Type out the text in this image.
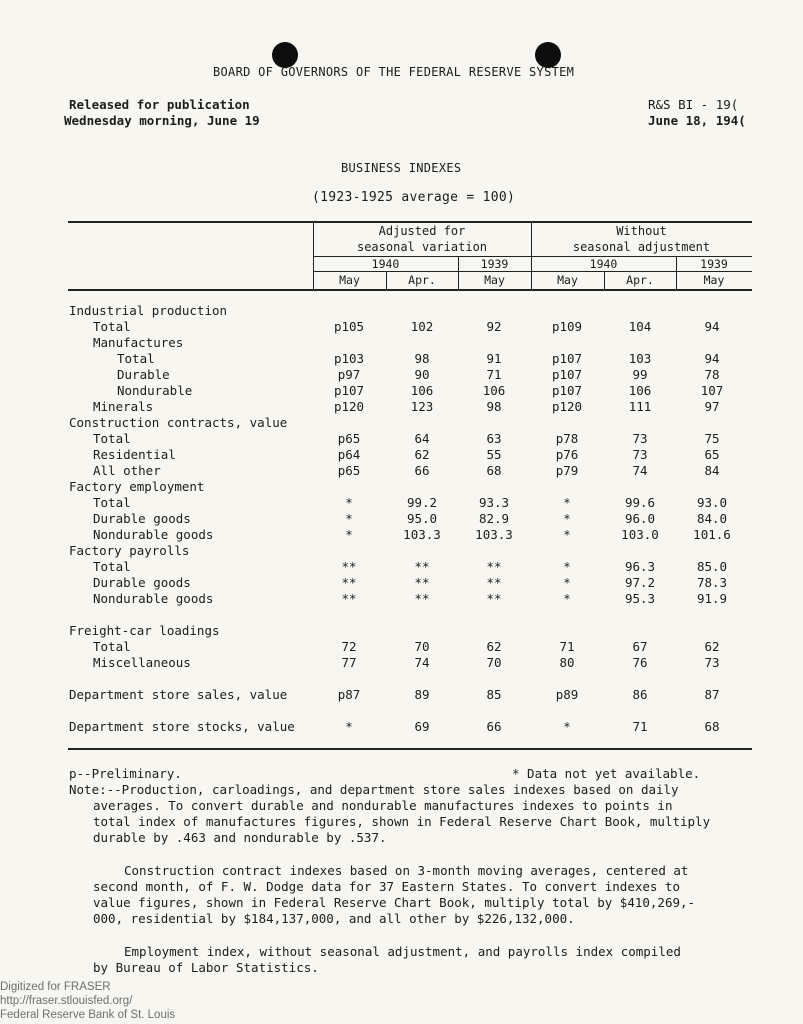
BOARD OF GOVERNORS OF THE FEDERAL RESERVE SYSTEM
Released for publication
Wednesday morning, June 19
R&S BI - 19(
June 18, 194(
BUSINESS INDEXES
(1923-1925 average = 100)
Adjusted for
seasonal variation
Without
seasonal adjustment
1940	1939	1940	1939
May	Apr.	May	May	Apr.	May
Industrial production
Total	p105	102	92	p109	104	94
Manufactures
Total	p103	98	91	p107	103	94
Durable	p97	90	71	p107	99	78
Nondurable	p107	106	106	p107	106	107
Minerals	p120	123	98	p120	111	97
Construction contracts, value
Total	p65	64	63	p78	73	75
Residential	p64	62	55	p76	73	65
All other	p65	66	68	p79	74	84
Factory employment
Total	*	99.2	93.3	*	99.6	93.0
Durable goods	*	95.0	82.9	*	96.0	84.0
Nondurable goods	*	103.3	103.3	*	103.0	101.6
Factory payrolls
Total	**	**	**	*	96.3	85.0
Durable goods	**	**	**	*	97.2	78.3
Nondurable goods	**	**	**	*	95.3	91.9
Freight-car loadings
Total	72	70	62	71	67	62
Miscellaneous	77	74	70	80	76	73
Department store sales, value	p87	89	85	p89	86	87
Department store stocks, value	*	69	66	*	71	68
p--Preliminary.	* Data not yet available.
Note:--Production, carloadings, and department store sales indexes based on daily
averages. To convert durable and nondurable manufactures indexes to points in
total index of manufactures figures, shown in Federal Reserve Chart Book, multiply
durable by .463 and nondurable by .537.
Construction contract indexes based on 3-month moving averages, centered at
second month, of F. W. Dodge data for 37 Eastern States. To convert indexes to
value figures, shown in Federal Reserve Chart Book, multiply total by $410,269,-
000, residential by $184,137,000, and all other by $226,132,000.
Employment index, without seasonal adjustment, and payrolls index compiled
by Bureau of Labor Statistics.
Digitized for FRASER
http://fraser.stlouisfed.org/
Federal Reserve Bank of St. Louis
